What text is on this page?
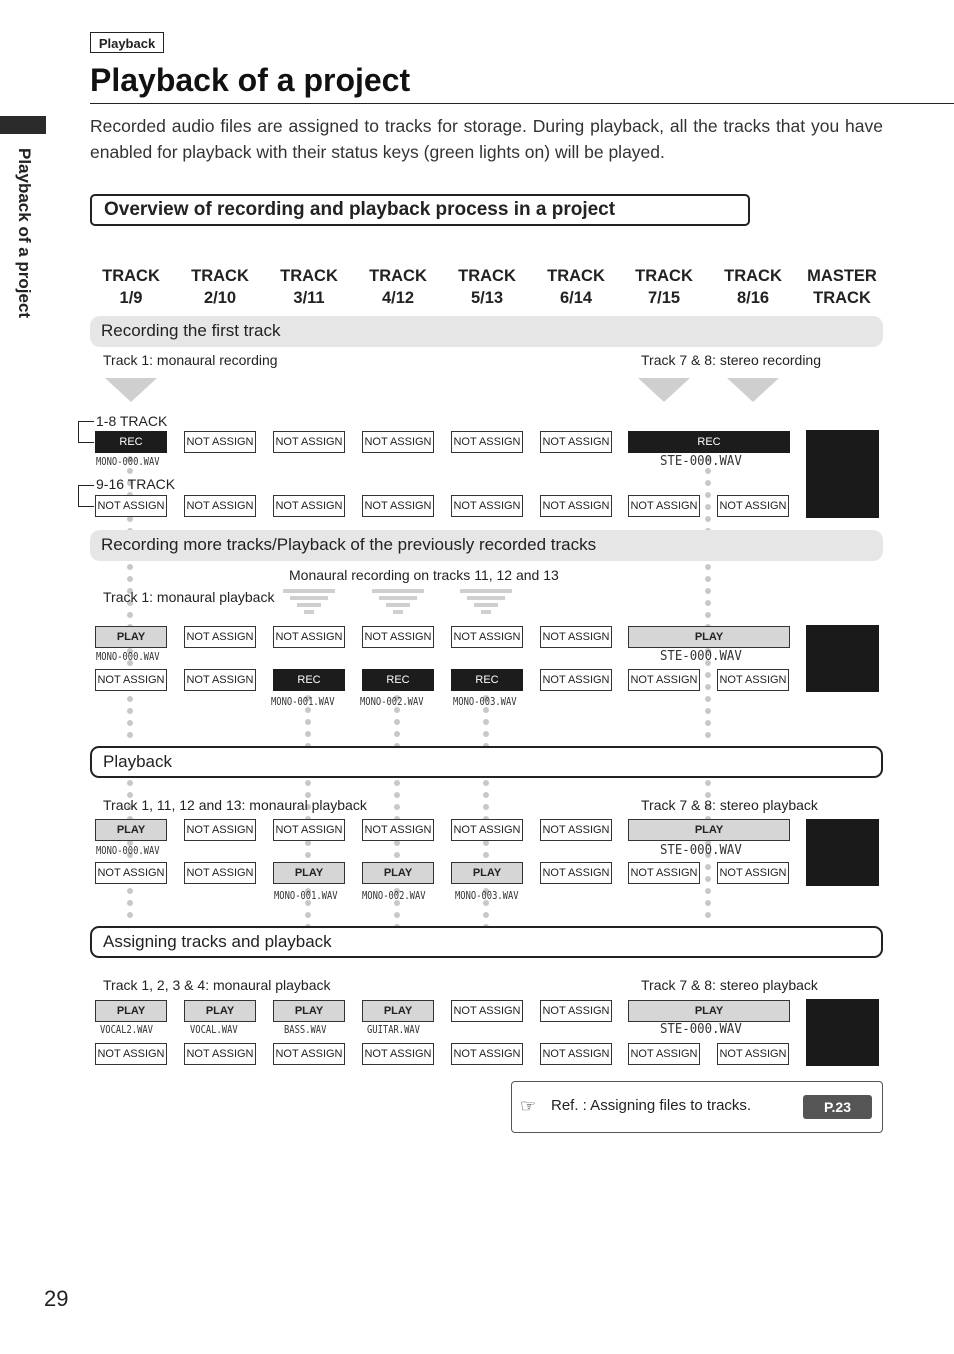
Playback
Playback of a project
Playback of a project
Recorded audio files are assigned to tracks for storage. During playback, all the tracks that you have enabled for playback with their status keys (green lights on) will be played.
Overview of recording and playback process in a project
TRACK
1/9
TRACK
2/10
TRACK
3/11
TRACK
4/12
TRACK
5/13
TRACK
6/14
TRACK
7/15
TRACK
8/16
MASTER
TRACK
Recording the first track
Track 1: monaural recording	Track 7 & 8: stereo recording
1-8 TRACK
9-16 TRACK
REC	NOT ASSIGN NOT ASSIGN NOT ASSIGN NOT ASSIGN NOT ASSIGN	REC
MONO-000.WAV	STE-000.WAV
NOT ASSIGN NOT ASSIGN NOT ASSIGN NOT ASSIGN NOT ASSIGN NOT ASSIGN NOT ASSIGN NOT ASSIGN
Recording more tracks/Playback of the previously recorded tracks
Monaural recording on tracks 11, 12 and 13
Track 1: monaural playback
PLAY	NOT ASSIGN NOT ASSIGN NOT ASSIGN NOT ASSIGN NOT ASSIGN	PLAY
MONO-000.WAV	STE-000.WAV
NOT ASSIGN NOT ASSIGN	REC	REC	REC	NOT ASSIGN NOT ASSIGN NOT ASSIGN
MONO-001.WAV MONO-002.WAV	MONO-003.WAV
Playback
Track 1, 11, 12 and 13: monaural playback	Track 7 & 8: stereo playback
PLAY	NOT ASSIGN NOT ASSIGN NOT ASSIGN NOT ASSIGN NOT ASSIGN	PLAY
MONO-000.WAV	STE-000.WAV
NOT ASSIGN NOT ASSIGN	PLAY	PLAY	PLAY	NOT ASSIGN NOT ASSIGN NOT ASSIGN
MONO-001.WAV MONO-002.WAV	MONO-003.WAV
Assigning tracks and playback
Track 1, 2, 3 & 4: monaural playback	Track 7 & 8: stereo playback
PLAY	PLAY	PLAY	PLAY	NOT ASSIGN NOT ASSIGN	PLAY
VOCAL2.WAV	VOCAL.WAV	BASS.WAV	GUITAR.WAV	STE-000.WAV
NOT ASSIGN NOT ASSIGN NOT ASSIGN NOT ASSIGN NOT ASSIGN NOT ASSIGN NOT ASSIGN NOT ASSIGN
☞ Ref. : Assigning files to tracks.	P.23
29
